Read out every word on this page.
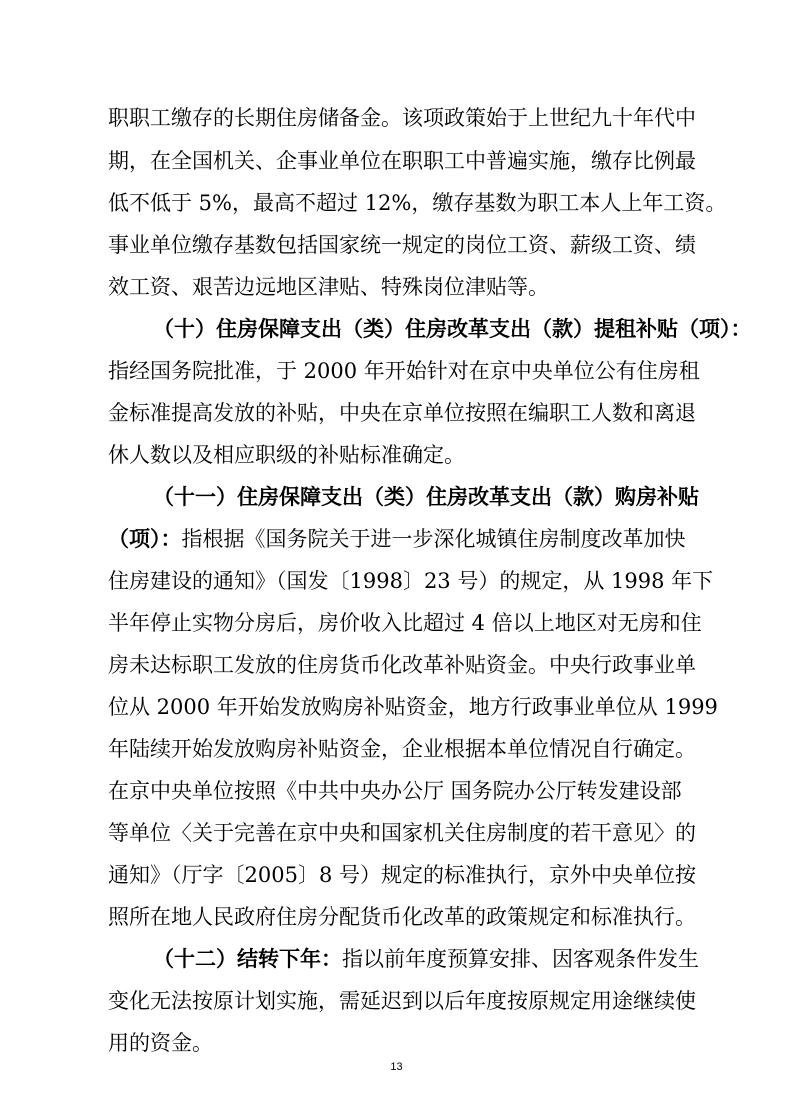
职职工缴存的长期住房储备金。该项政策始于上世纪九十年代中
期，在全国机关、企事业单位在职职工中普遍实施，缴存比例最
低不低于 5%，最高不超过 12%，缴存基数为职工本人上年工资。
事业单位缴存基数包括国家统一规定的岗位工资、薪级工资、绩
效工资、艰苦边远地区津贴、特殊岗位津贴等。
（十）住房保障支出（类）住房改革支出（款）提租补贴（项）：
指经国务院批准，于 2000 年开始针对在京中央单位公有住房租
金标准提高发放的补贴，中央在京单位按照在编职工人数和离退
休人数以及相应职级的补贴标准确定。
（十一）住房保障支出（类）住房改革支出（款）购房补贴
（项）：指根据《国务院关于进一步深化城镇住房制度改革加快
住房建设的通知》（国发〔1998〕23 号）的规定，从 1998 年下
半年停止实物分房后，房价收入比超过 4 倍以上地区对无房和住
房未达标职工发放的住房货币化改革补贴资金。中央行政事业单
位从 2000 年开始发放购房补贴资金，地方行政事业单位从 1999
年陆续开始发放购房补贴资金，企业根据本单位情况自行确定。
在京中央单位按照《中共中央办公厅 国务院办公厅转发建设部
等单位〈关于完善在京中央和国家机关住房制度的若干意见〉的
通知》（厅字〔2005〕8 号）规定的标准执行，京外中央单位按
照所在地人民政府住房分配货币化改革的政策规定和标准执行。
（十二）结转下年：指以前年度预算安排、因客观条件发生
变化无法按原计划实施，需延迟到以后年度按原规定用途继续使
用的资金。
13
